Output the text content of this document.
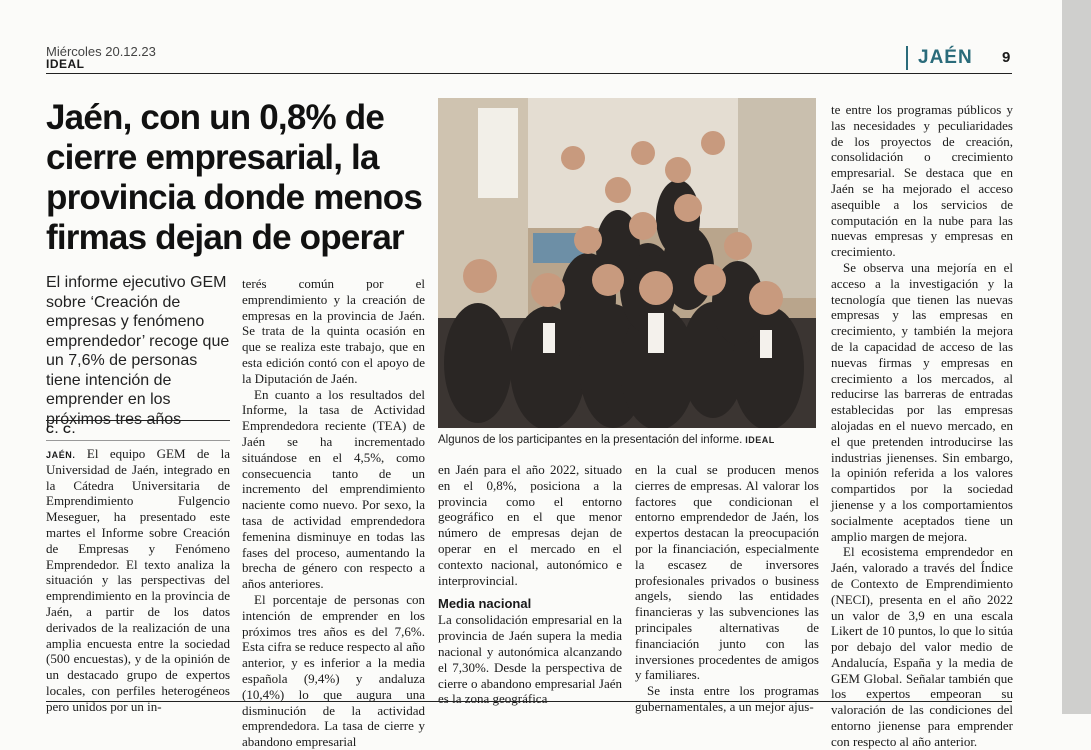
Miércoles 20.12.23
IDEAL	JAÉN 9
Jaén, con un 0,8% de cierre empresarial, la provincia donde menos firmas dejan de operar

El informe ejecutivo GEM sobre ‘Creación de empresas y fenómeno emprendedor’ recoge que un 7,6% de personas tiene intención de emprender en los próximos tres años

C. C.

JAÉN. El equipo GEM de la Universidad de Jaén, integrado en la Cátedra Universitaria de Emprendimiento Fulgencio Meseguer, ha presentado este martes el Informe sobre Creación de Empresas y Fenómeno Emprendedor. El texto analiza la situación y las perspectivas del emprendimiento en la provincia de Jaén, a partir de los datos derivados de la realización de una amplia encuesta entre la sociedad (500 encuestas), y de la opinión de un destacado grupo de expertos locales, con perfiles heterogéneos pero unidos por un in-

terés común por el emprendimiento y la creación de empresas en la provincia de Jaén. Se trata de la quinta ocasión en que se realiza este trabajo, que en esta edición contó con el apoyo de la Diputación de Jaén.

En cuanto a los resultados del Informe, la tasa de Actividad Emprendedora reciente (TEA) de Jaén se ha incrementado situándose en el 4,5%, como consecuencia tanto de un incremento del emprendimiento naciente como nuevo. Por sexo, la tasa de actividad emprendedora femenina disminuye en todas las fases del proceso, aumentando la brecha de género con respecto a años anteriores.

El porcentaje de personas con intención de emprender en los próximos tres años es del 7,6%. Esta cifra se reduce respecto al año anterior, y es inferior a la media española (9,4%) y andaluza (10,4%) lo que augura una disminución de la actividad emprendedora. La tasa de cierre y abandono empresarial

Algunos de los participantes en la presentación del informe. IDEAL

en Jaén para el año 2022, situado en el 0,8%, posiciona a la provincia como el entorno geográfico en el que menor número de empresas dejan de operar en el mercado en el contexto nacional, autonómico e interprovincial.

Media nacional

La consolidación empresarial en la provincia de Jaén supera la media nacional y autonómica alcanzando el 7,30%. Desde la perspectiva de cierre o abandono empresarial Jaén es la zona geográfica

en la cual se producen menos cierres de empresas. Al valorar los factores que condicionan el entorno emprendedor de Jaén, los expertos destacan la preocupación por la financiación, especialmente la escasez de inversores profesionales privados o business angels, siendo las entidades financieras y las subvenciones las principales alternativas de financiación junto con las inversiones procedentes de amigos y familiares.

Se insta entre los programas gubernamentales, a un mejor ajus-

te entre los programas públicos y las necesidades y peculiaridades de los proyectos de creación, consolidación o crecimiento empresarial. Se destaca que en Jaén se ha mejorado el acceso asequible a los servicios de computación en la nube para las nuevas empresas y empresas en crecimiento.

Se observa una mejoría en el acceso a la investigación y la tecnología que tienen las nuevas empresas y las empresas en crecimiento, y también la mejora de la capacidad de acceso de las nuevas firmas y empresas en crecimiento a los mercados, al reducirse las barreras de entradas establecidas por las empresas alojadas en el nuevo mercado, en el que pretenden introducirse las industrias jienenses. Sin embargo, la opinión referida a los valores compartidos por la sociedad jienense y a los comportamientos socialmente aceptados tiene un amplio margen de mejora.

El ecosistema emprendedor en Jaén, valorado a través del Índice de Contexto de Emprendimiento (NECI), presenta en el año 2022 un valor de 3,9 en una escala Likert de 10 puntos, lo que lo sitúa por debajo del valor medio de Andalucía, España y la media de GEM Global. Señalar también que los expertos empeoran su valoración de las condiciones del entorno jienense para emprender con respecto al año anterior.
